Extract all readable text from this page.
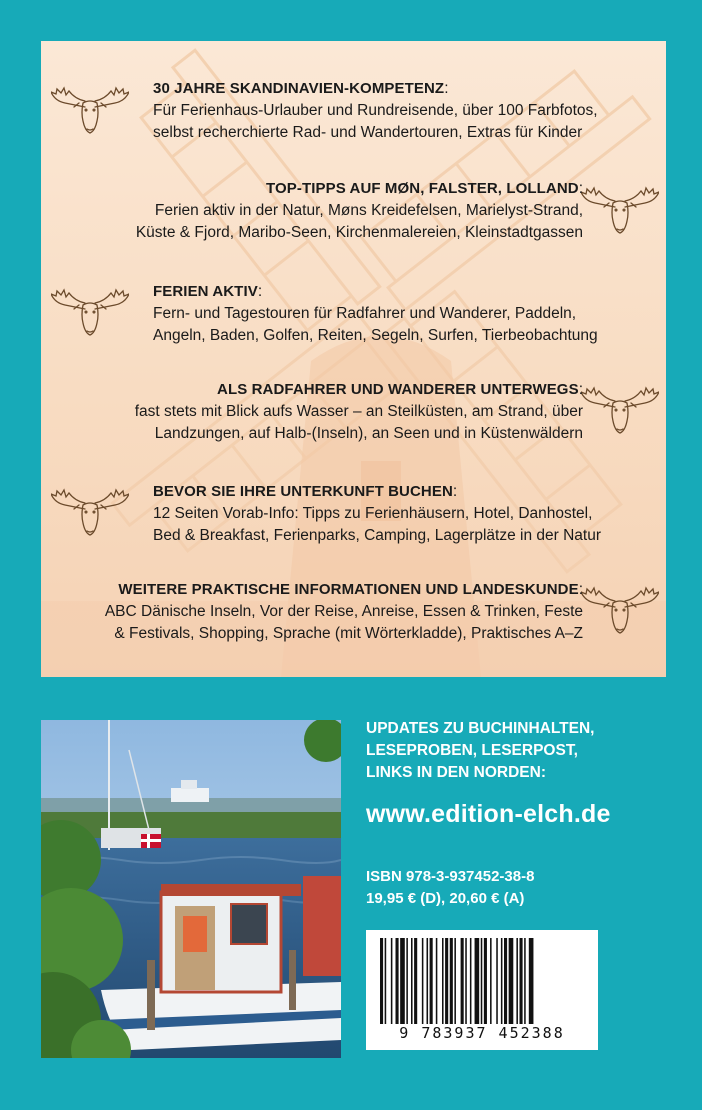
30 JAHRE SKANDINAVIEN-KOMPETENZ:
Für Ferienhaus-Urlauber und Rundreisende, über 100 Farbfotos,
selbst recherchierte Rad- und Wandertouren, Extras für Kinder
TOP-TIPPS AUF MØN, FALSTER, LOLLAND:
Ferien aktiv in der Natur, Møns Kreidefelsen, Marielyst-Strand,
Küste & Fjord, Maribo-Seen, Kirchenmalereien, Kleinstadtgassen
FERIEN AKTIV:
Fern- und Tagestouren für Radfahrer und Wanderer, Paddeln,
Angeln, Baden, Golfen, Reiten, Segeln, Surfen, Tierbeobachtung
ALS RADFAHRER UND WANDERER UNTERWEGS:
fast stets mit Blick aufs Wasser – an Steilküsten, am Strand, über
Landzungen, auf Halb-(Inseln), an Seen und in Küstenwäldern
BEVOR SIE IHRE UNTERKUNFT BUCHEN:
12 Seiten Vorab-Info: Tipps zu Ferienhäusern, Hotel, Danhostel,
Bed & Breakfast, Ferienparks, Camping, Lagerplätze in der Natur
WEITERE PRAKTISCHE INFORMATIONEN UND LANDESKUNDE:
ABC Dänische Inseln, Vor der Reise, Anreise, Essen & Trinken, Feste
& Festivals, Shopping, Sprache (mit Wörterkladde), Praktisches A–Z
UPDATES ZU BUCHINHALTEN,
LESEPROBEN, LESERPOST,
LINKS IN DEN NORDEN:
www.edition-elch.de
ISBN 978-3-937452-38-8
19,95 € (D), 20,60 € (A)
9 783937 452388
